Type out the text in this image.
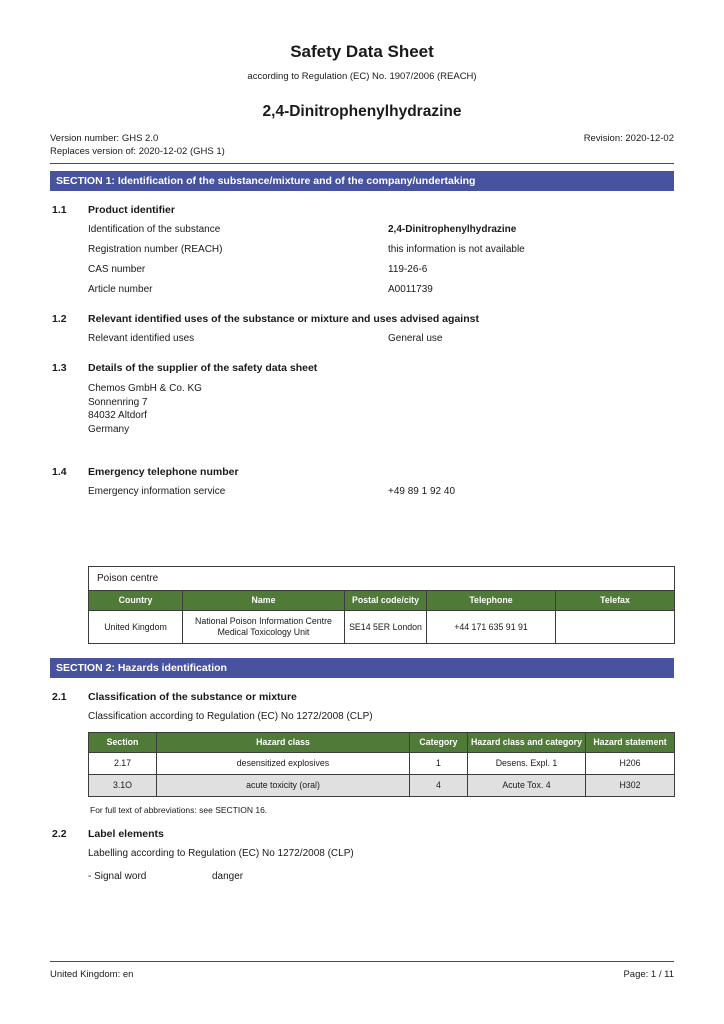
Safety Data Sheet
according to Regulation (EC) No. 1907/2006 (REACH)
2,4-Dinitrophenylhydrazine
Version number: GHS 2.0
Replaces version of: 2020-12-02 (GHS 1)
Revision: 2020-12-02
SECTION 1: Identification of the substance/mixture and of the company/undertaking
1.1	Product identifier
Identification of the substance	2,4-Dinitrophenylhydrazine
Registration number (REACH)	this information is not available
CAS number	119-26-6
Article number	A0011739
1.2	Relevant identified uses of the substance or mixture and uses advised against
Relevant identified uses	General use
1.3	Details of the supplier of the safety data sheet
Chemos GmbH & Co. KG
Sonnenring 7
84032 Altdorf
Germany
1.4	Emergency telephone number
Emergency information service	+49 89 1 92 40
Poison centre				
Country	Name	Postal code/city	Telephone	Telefax
United Kingdom	National Poison Information Centre Medical Toxicology Unit	SE14 5ER London	+44 171 635 91 91	
SECTION 2: Hazards identification
2.1	Classification of the substance or mixture
Classification according to Regulation (EC) No 1272/2008 (CLP)
Section	Hazard class	Category	Hazard class and category	Hazard statement
2.17	desensitized explosives	1	Desens. Expl. 1	H206
3.1O	acute toxicity (oral)	4	Acute Tox. 4	H302
For full text of abbreviations: see SECTION 16.
2.2	Label elements
Labelling according to Regulation (EC) No 1272/2008 (CLP)
- Signal word	danger
United Kingdom: en	Page: 1 / 11
